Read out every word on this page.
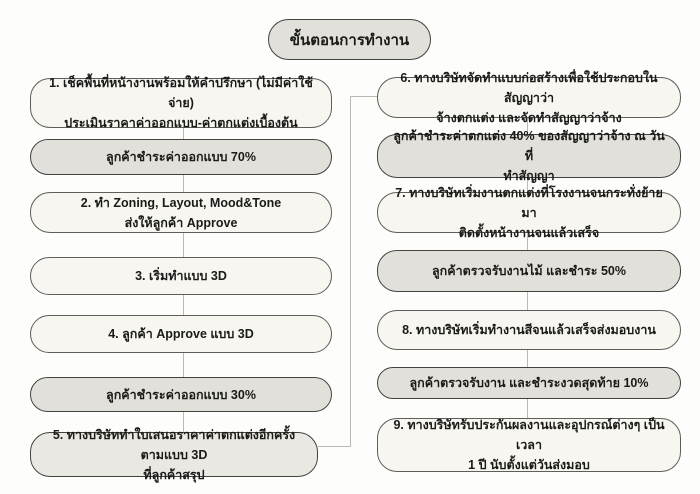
ขั้นตอนการทำงาน
1. เช็คพื้นที่หน้างานพร้อมให้คำปรึกษา (ไม่มีค่าใช้จ่าย)
ประเมินราคาค่าออกแบบ-ค่าตกแต่งเบื้องต้น
ลูกค้าชำระค่าออกแบบ 70%
2. ทำ Zoning, Layout, Mood&Tone
ส่งให้ลูกค้า Approve
3. เริ่มทำแบบ 3D
4. ลูกค้า Approve แบบ 3D
ลูกค้าชำระค่าออกแบบ 30%
5. ทางบริษัททำใบเสนอราคาค่าตกแต่งอีกครั้งตามแบบ 3D
ที่ลูกค้าสรุป
6. ทางบริษัทจัดทำแบบก่อสร้างเพื่อใช้ประกอบในสัญญาว่า
จ้างตกแต่ง และจัดทำสัญญาว่าจ้าง
ลูกค้าชำระค่าตกแต่ง 40% ของสัญญาว่าจ้าง ณ วันที่
ทำสัญญา
7. ทางบริษัทเริ่มงานตกแต่งที่โรงงานจนกระทั่งย้ายมา
ติดตั้งหน้างานจนแล้วเสร็จ
ลูกค้าตรวจรับงานไม้ และชำระ 50%
8. ทางบริษัทเริ่มทำงานสีจนแล้วเสร็จส่งมอบงาน
ลูกค้าตรวจรับงาน และชำระงวดสุดท้าย 10%
9. ทางบริษัทรับประกันผลงานและอุปกรณ์ต่างๆ เป็นเวลา
1 ปี นับตั้งแต่วันส่งมอบ
